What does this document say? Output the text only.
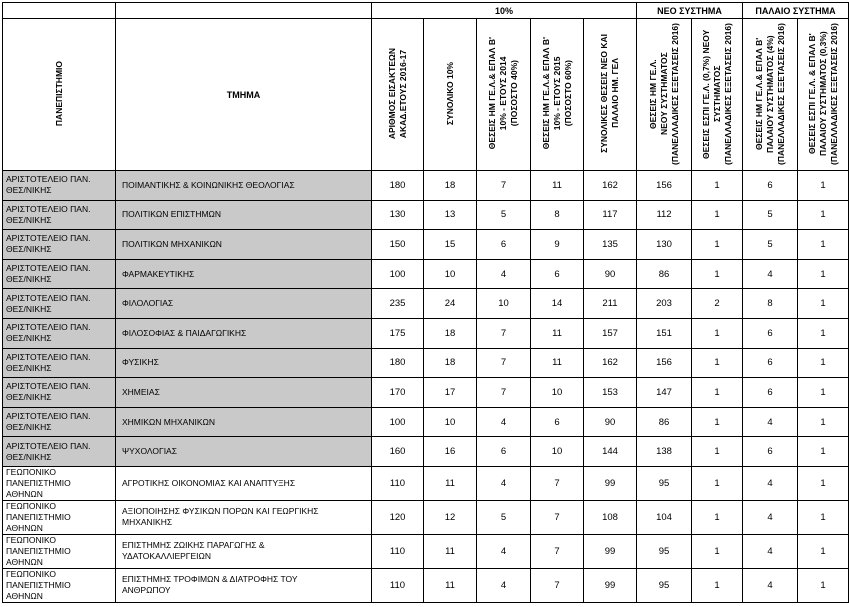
		10%					ΝΕΟ ΣΥΣΤΗΜΑ		ΠΑΛΑΙΟ ΣΥΣΤΗΜΑ	
ΠΑΝΕΠΙΣΤΗΜΙΟ	ΤΜΗΜΑ	ΑΡΙΘΜΟΣ ΕΙΣΑΚΤΕΩΝ
ΑΚΑΔ.ΕΤΟΥΣ 2016-17	ΣΥΝΟΛΙΚΟ 10%	ΘΕΣΕΙΣ ΗΜ ΓΕ.Λ.& ΕΠΑΛ Β'
10% - ΕΤΟΥΣ 2014
(ΠΟΣΟΣΤΟ 40%)	ΘΕΣΕΙΣ ΗΜ ΓΕ.Λ.& ΕΠΑΛ Β'
10% - ΕΤΟΥΣ 2015
(ΠΟΣΟΣΤΟ 60%)	ΣΥΝΟΛΙΚΕΣ ΘΕΣΕΙΣ ΝΕΟ ΚΑΙ
ΠΑΛΑΙΟ ΗΜ. ΓΕΛ	ΘΕΣΕΙΣ ΗΜ ΓΕ.Λ.
ΝΕΟΥ ΣΥΣΤΗΜΑΤΟΣ
(ΠΑΝΕΛΛΑΔΙΚΕΣ ΕΞΕΤΑΣΕΙΣ 2016)	ΘΕΣΕΙΣ ΕΣΠΙ ΓΕ.Λ. (0,7%) ΝΕΟΥ
ΣΥΣΤΗΜΑΤΟΣ
(ΠΑΝΕΛΛΑΔΙΚΕΣ ΕΞΕΤΑΣΕΙΣ 2016)	ΘΕΣΕΙΣ ΗΜ ΓΕ.Λ.& ΕΠΑΛ Β'
ΠΑΛΑΙΟΥ ΣΥΣΤΗΜΑΤΟΣ (4%)
(ΠΑΝΕΛΛΑΔΙΚΕΣ ΕΞΕΤΑΣΕΙΣ 2016)	ΘΕΣΕΙΣ ΕΣΠΙ ΓΕ.Λ. & ΕΠΑΛ Β'
ΠΑΛΑΙΟΥ ΣΥΣΤΗΜΑΤΟΣ (0,3%)
(ΠΑΝΕΛΛΑΔΙΚΕΣ ΕΞΕΤΑΣΕΙΣ 2016)
ΑΡΙΣΤΟΤΕΛΕΙΟ ΠΑΝ.
ΘΕΣ/ΝΙΚΗΣ	ΠΟΙΜΑΝΤΙΚΗΣ & ΚΟΙΝΩΝΙΚΗΣ ΘΕΟΛΟΓΙΑΣ	180	18	7	11	162	156	1	6	1
ΑΡΙΣΤΟΤΕΛΕΙΟ ΠΑΝ.
ΘΕΣ/ΝΙΚΗΣ	ΠΟΛΙΤΙΚΩΝ ΕΠΙΣΤΗΜΩΝ	130	13	5	8	117	112	1	5	1
ΑΡΙΣΤΟΤΕΛΕΙΟ ΠΑΝ.
ΘΕΣ/ΝΙΚΗΣ	ΠΟΛΙΤΙΚΩΝ ΜΗΧΑΝΙΚΩΝ	150	15	6	9	135	130	1	5	1
ΑΡΙΣΤΟΤΕΛΕΙΟ ΠΑΝ.
ΘΕΣ/ΝΙΚΗΣ	ΦΑΡΜΑΚΕΥΤΙΚΗΣ	100	10	4	6	90	86	1	4	1
ΑΡΙΣΤΟΤΕΛΕΙΟ ΠΑΝ.
ΘΕΣ/ΝΙΚΗΣ	ΦΙΛΟΛΟΓΙΑΣ	235	24	10	14	211	203	2	8	1
ΑΡΙΣΤΟΤΕΛΕΙΟ ΠΑΝ.
ΘΕΣ/ΝΙΚΗΣ	ΦΙΛΟΣΟΦΙΑΣ & ΠΑΙΔΑΓΩΓΙΚΗΣ	175	18	7	11	157	151	1	6	1
ΑΡΙΣΤΟΤΕΛΕΙΟ ΠΑΝ.
ΘΕΣ/ΝΙΚΗΣ	ΦΥΣΙΚΗΣ	180	18	7	11	162	156	1	6	1
ΑΡΙΣΤΟΤΕΛΕΙΟ ΠΑΝ.
ΘΕΣ/ΝΙΚΗΣ	ΧΗΜΕΙΑΣ	170	17	7	10	153	147	1	6	1
ΑΡΙΣΤΟΤΕΛΕΙΟ ΠΑΝ.
ΘΕΣ/ΝΙΚΗΣ	ΧΗΜΙΚΩΝ ΜΗΧΑΝΙΚΩΝ	100	10	4	6	90	86	1	4	1
ΑΡΙΣΤΟΤΕΛΕΙΟ ΠΑΝ.
ΘΕΣ/ΝΙΚΗΣ	ΨΥΧΟΛΟΓΙΑΣ	160	16	6	10	144	138	1	6	1
ΓΕΩΠΟΝΙΚΟ
ΠΑΝΕΠΙΣΤΗΜΙΟ
ΑΘΗΝΩΝ	ΑΓΡΟΤΙΚΗΣ ΟΙΚΟΝΟΜΙΑΣ ΚΑΙ ΑΝΑΠΤΥΞΗΣ	110	11	4	7	99	95	1	4	1
ΓΕΩΠΟΝΙΚΟ
ΠΑΝΕΠΙΣΤΗΜΙΟ
ΑΘΗΝΩΝ	ΑΞΙΟΠΟΙΗΣΗΣ ΦΥΣΙΚΩΝ ΠΟΡΩΝ ΚΑΙ ΓΕΩΡΓΙΚΗΣ
ΜΗΧΑΝΙΚΗΣ	120	12	5	7	108	104	1	4	1
ΓΕΩΠΟΝΙΚΟ
ΠΑΝΕΠΙΣΤΗΜΙΟ
ΑΘΗΝΩΝ	ΕΠΙΣΤΗΜΗΣ ΖΩΙΚΗΣ ΠΑΡΑΓΩΓΗΣ &
ΥΔΑΤΟΚΑΛΛΙΕΡΓΕΙΩΝ	110	11	4	7	99	95	1	4	1
ΓΕΩΠΟΝΙΚΟ
ΠΑΝΕΠΙΣΤΗΜΙΟ
ΑΘΗΝΩΝ	ΕΠΙΣΤΗΜΗΣ ΤΡΟΦΙΜΩΝ & ΔΙΑΤΡΟΦΗΣ ΤΟΥ
ΑΝΘΡΩΠΟΥ	110	11	4	7	99	95	1	4	1
